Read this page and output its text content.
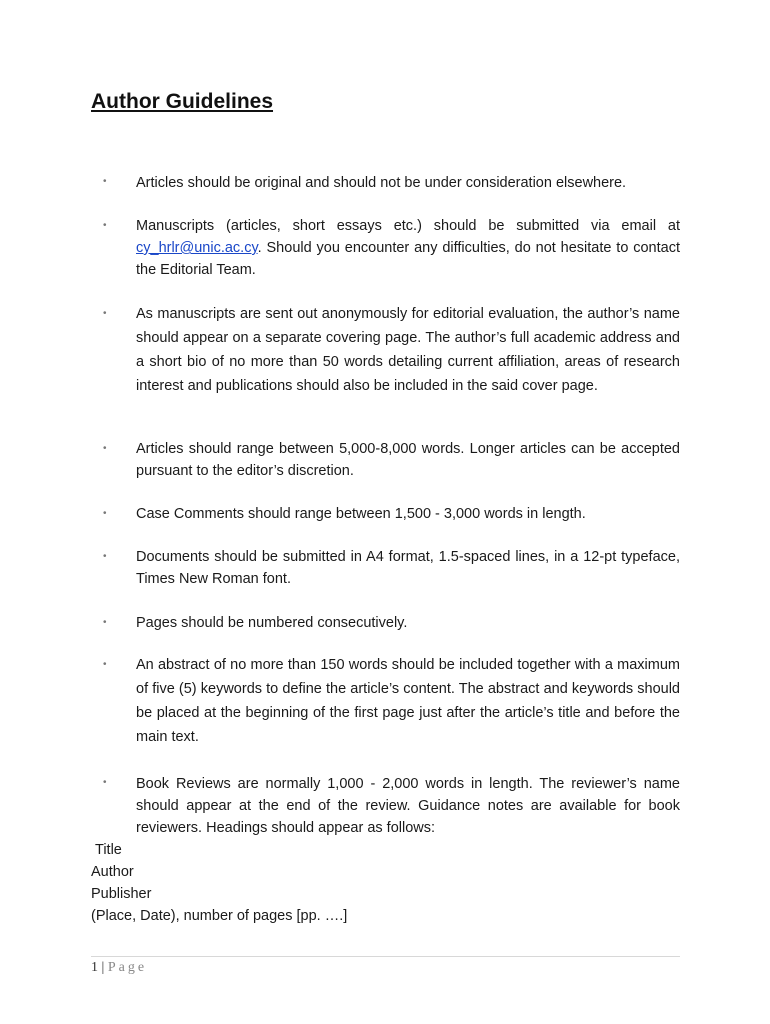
Author Guidelines
• Articles should be original and should not be under consideration elsewhere.
• Manuscripts (articles, short essays etc.) should be submitted via email at cy_hrlr@unic.ac.cy. Should you encounter any difficulties, do not hesitate to contact the Editorial Team.
• As manuscripts are sent out anonymously for editorial evaluation, the author’s name should appear on a separate covering page. The author’s full academic address and a short bio of no more than 50 words detailing current affiliation, areas of research interest and publications should also be included in the said cover page.
• Articles should range between 5,000-8,000 words. Longer articles can be accepted pursuant to the editor’s discretion.
• Case Comments should range between 1,500 - 3,000 words in length.
• Documents should be submitted in A4 format, 1.5-spaced lines, in a 12-pt typeface, Times New Roman font.
• Pages should be numbered consecutively.
• An abstract of no more than 150 words should be included together with a maximum of five (5) keywords to define the article’s content. The abstract and keywords should be placed at the beginning of the first page just after the article’s title and before the main text.
• Book Reviews are normally 1,000 - 2,000 words in length. The reviewer’s name should appear at the end of the review. Guidance notes are available for book reviewers. Headings should appear as follows:
Title
Author
Publisher
(Place, Date), number of pages [pp. ….]
1 | Page
